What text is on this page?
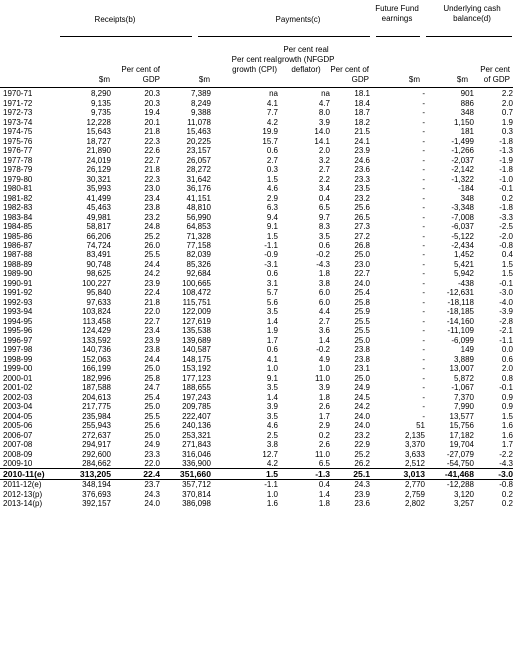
Receipts(b)	Payments(c)
Future Fund earnings
Underlying cash balance(d)
$m
Per cent of GDP	$m
Per cent real growth (CPI)
Per cent real growth (NFGDP deflator)	Per cent of GDP	$m	$m
Per cent of GDP
1970-71	8,290	20.3	7,389	na	na	18.1	-	901	2.2
1971-72	9,135	20.3	8,249	4.1	4.7	18.4	-	886	2.0
1972-73	9,735	19.4	9,388	7.7	8.0	18.7	-	348	0.7
1973-74	12,228	20.1	11,078	4.2	3.9	18.2	-	1,150	1.9
1974-75	15,643	21.8	15,463	19.9	14.0	21.5	-	181	0.3
1975-76	18,727	22.3	20,225	15.7	14.1	24.1	-	-1,499	-1.8
1976-77	21,890	22.6	23,157	0.6	2.0	23.9	-	-1,266	-1.3
1977-78	24,019	22.7	26,057	2.7	3.2	24.6	-	-2,037	-1.9
1978-79	26,129	21.8	28,272	0.3	2.7	23.6	-	-2,142	-1.8
1979-80	30,321	22.3	31,642	1.5	2.2	23.3	-	-1,322	-1.0
1980-81	35,993	23.0	36,176	4.6	3.4	23.5	-	-184	-0.1
1981-82	41,499	23.4	41,151	2.9	0.4	23.2	-	348	0.2
1982-83	45,463	23.8	48,810	6.3	6.5	25.6	-	-3,348	-1.8
1983-84	49,981	23.2	56,990	9.4	9.7	26.5	-	-7,008	-3.3
1984-85	58,817	24.8	64,853	9.1	8.3	27.3	-	-6,037	-2.5
1985-86	66,206	25.2	71,328	1.5	3.5	27.2	-	-5,122	-2.0
1986-87	74,724	26.0	77,158	-1.1	0.6	26.8	-	-2,434	-0.8
1987-88	83,491	25.5	82,039	-0.9	-0.2	25.0	-	1,452	0.4
1988-89	90,748	24.4	85,326	-3.1	-4.3	23.0	-	5,421	1.5
1989-90	98,625	24.2	92,684	0.6	1.8	22.7	-	5,942	1.5
1990-91	100,227	23.9	100,665	3.1	3.8	24.0	-	-438	-0.1
1991-92	95,840	22.4	108,472	5.7	6.0	25.4	-	-12,631	-3.0
1992-93	97,633	21.8	115,751	5.6	6.0	25.8	-	-18,118	-4.0
1993-94	103,824	22.0	122,009	3.5	4.4	25.9	-	-18,185	-3.9
1994-95	113,458	22.7	127,619	1.4	2.7	25.5	-	-14,160	-2.8
1995-96	124,429	23.4	135,538	1.9	3.6	25.5	-	-11,109	-2.1
1996-97	133,592	23.9	139,689	1.7	1.4	25.0	-	-6,099	-1.1
1997-98	140,736	23.8	140,587	0.6	-0.2	23.8	-	149	0.0
1998-99	152,063	24.4	148,175	4.1	4.9	23.8	-	3,889	0.6
1999-00	166,199	25.0	153,192	1.0	1.0	23.1	-	13,007	2.0
2000-01	182,996	25.8	177,123	9.1	11.0	25.0	-	5,872	0.8
2001-02	187,588	24.7	188,655	3.5	3.9	24.9	-	-1,067	-0.1
2002-03	204,613	25.4	197,243	1.4	1.8	24.5	-	7,370	0.9
2003-04	217,775	25.0	209,785	3.9	2.6	24.2	-	7,990	0.9
2004-05	235,984	25.5	222,407	3.5	1.7	24.0	-	13,577	1.5
2005-06	255,943	25.6	240,136	4.6	2.9	24.0	51	15,756	1.6
2006-07	272,637	25.0	253,321	2.5	0.2	23.2	2,135	17,182	1.6
2007-08	294,917	24.9	271,843	3.8	2.6	22.9	3,370	19,704	1.7
2008-09	292,600	23.3	316,046	12.7	11.0	25.2	3,633	-27,079	-2.2
2009-10	284,662	22.0	336,900	4.2	6.5	26.2	2,512	-54,750	-4.3
2010-11(e)	313,205	22.4	351,660	1.5	-1.3	25.1	3,013	-41,468	-3.0
2011-12(e)	348,194	23.7	357,712	-1.1	0.4	24.3	2,770	-12,288	-0.8
2012-13(p)	376,693	24.3	370,814	1.0	1.4	23.9	2,759	3,120	0.2
2013-14(p)	392,157	24.0	386,098	1.6	1.8	23.6	2,802	3,257	0.2
